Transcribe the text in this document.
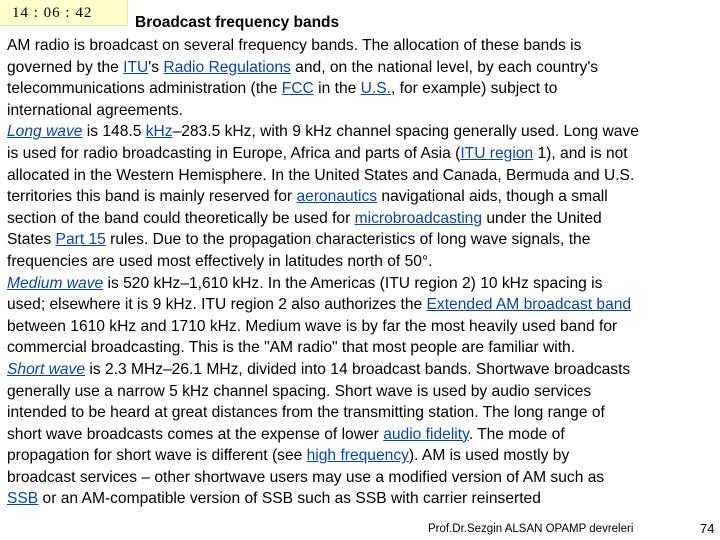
14 : 06 : 42
Broadcast frequency bands
AM radio is broadcast on several frequency bands. The allocation of these bands is
governed by the ITU's Radio Regulations and, on the national level, by each country's
telecommunications administration (the FCC in the U.S., for example) subject to
international agreements.
Long wave is 148.5 kHz–283.5 kHz, with 9 kHz channel spacing generally used. Long wave
is used for radio broadcasting in Europe, Africa and parts of Asia (ITU region 1), and is not
allocated in the Western Hemisphere. In the United States and Canada, Bermuda and U.S.
territories this band is mainly reserved for aeronautics navigational aids, though a small
section of the band could theoretically be used for microbroadcasting under the United
States Part 15 rules. Due to the propagation characteristics of long wave signals, the
frequencies are used most effectively in latitudes north of 50°.
Medium wave is 520 kHz–1,610 kHz. In the Americas (ITU region 2) 10 kHz spacing is
used; elsewhere it is 9 kHz. ITU region 2 also authorizes the Extended AM broadcast band
between 1610 kHz and 1710 kHz. Medium wave is by far the most heavily used band for
commercial broadcasting. This is the "AM radio" that most people are familiar with.
Short wave is 2.3 MHz–26.1 MHz, divided into 14 broadcast bands. Shortwave broadcasts
generally use a narrow 5 kHz channel spacing. Short wave is used by audio services
intended to be heard at great distances from the transmitting station. The long range of
short wave broadcasts comes at the expense of lower audio fidelity. The mode of
propagation for short wave is different (see high frequency). AM is used mostly by
broadcast services – other shortwave users may use a modified version of AM such as
SSB or an AM-compatible version of SSB such as SSB with carrier reinserted
Prof.Dr.Sezgin ALSAN OPAMP devreleri	74
